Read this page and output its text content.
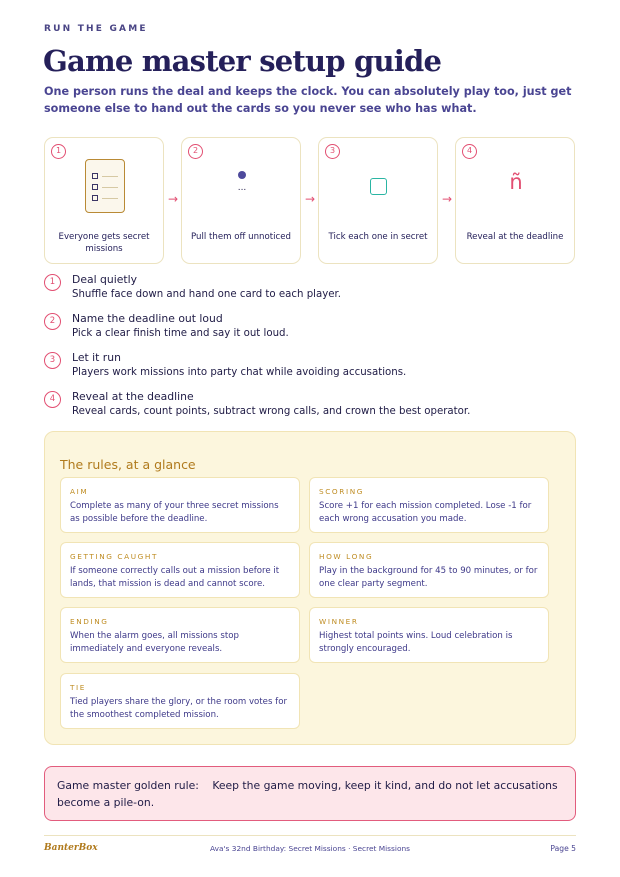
RUN THE GAME
Game master setup guide

One person runs the deal and keeps the clock. You can absolutely play too, just get someone else to hand out the cards so you never see who has what.

1
Everyone gets secret missions
→
2
...
Pull them off unnoticed
→
3
Tick each one in secret
→
4
ñ
Reveal at the deadline
1	Deal quietly
Shuffle face down and hand one card to each player.
2	Name the deadline out loud
Pick a clear finish time and say it out loud.
3	Let it run
Players work missions into party chat while avoiding accusations.
4	Reveal at the deadline
Reveal cards, count points, subtract wrong calls, and crown the best operator.
The rules, at a glance
AIM
Complete as many of your three secret missions as possible before the deadline.
SCORING
Score +1 for each mission completed. Lose -1 for each wrong accusation you made.
GETTING CAUGHT
If someone correctly calls out a mission before it lands, that mission is dead and cannot score.
HOW LONG
Play in the background for 45 to 90 minutes, or for one clear party segment.
ENDING
When the alarm goes, all missions stop immediately and everyone reveals.
WINNER
Highest total points wins. Loud celebration is strongly encouraged.
TIE
Tied players share the glory, or the room votes for the smoothest completed mission.
Game master golden rule: Keep the game moving, keep it kind, and do not let accusations become a pile-on.
BanterBox	Ava's 32nd Birthday: Secret Missions · Secret Missions	Page 5
